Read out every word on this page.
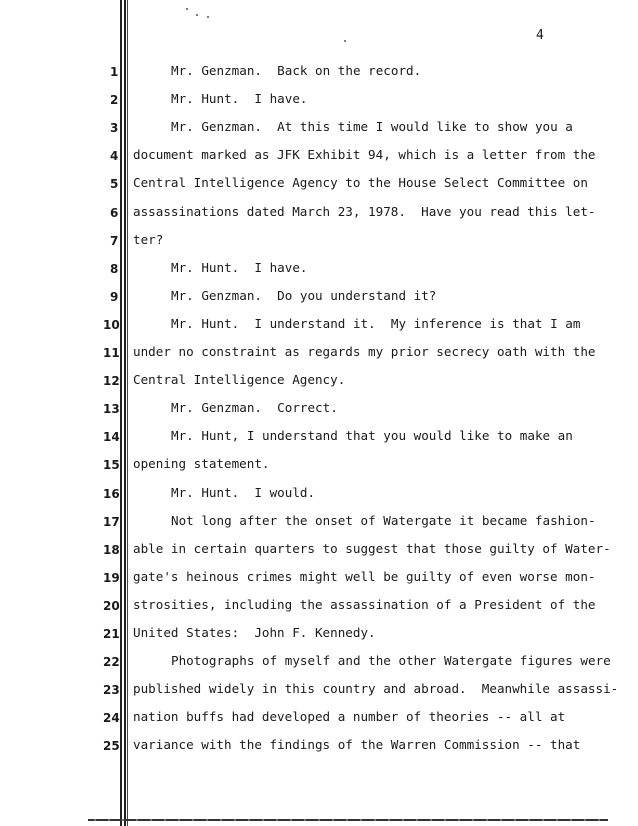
4
1	Mr. Genzman.  Back on the record.
2	Mr. Hunt.  I have.
3	Mr. Genzman.  At this time I would like to show you a
4	document marked as JFK Exhibit 94, which is a letter from the
5	Central Intelligence Agency to the House Select Committee on
6	assassinations dated March 23, 1978.  Have you read this let-
7	ter?
8	Mr. Hunt.  I have.
9	Mr. Genzman.  Do you understand it?
10	Mr. Hunt.  I understand it.  My inference is that I am
11	under no constraint as regards my prior secrecy oath with the
12	Central Intelligence Agency.
13	Mr. Genzman.  Correct.
14	Mr. Hunt, I understand that you would like to make an
15	opening statement.
16	Mr. Hunt.  I would.
17	Not long after the onset of Watergate it became fashion-
18	able in certain quarters to suggest that those guilty of Water-
19	gate's heinous crimes might well be guilty of even worse mon-
20	strosities, including the assassination of a President of the
21	United States:  John F. Kennedy.
22	Photographs of myself and the other Watergate figures were
23	published widely in this country and abroad.  Meanwhile assassi-
24	nation buffs had developed a number of theories -- all at
25	variance with the findings of the Warren Commission -- that
